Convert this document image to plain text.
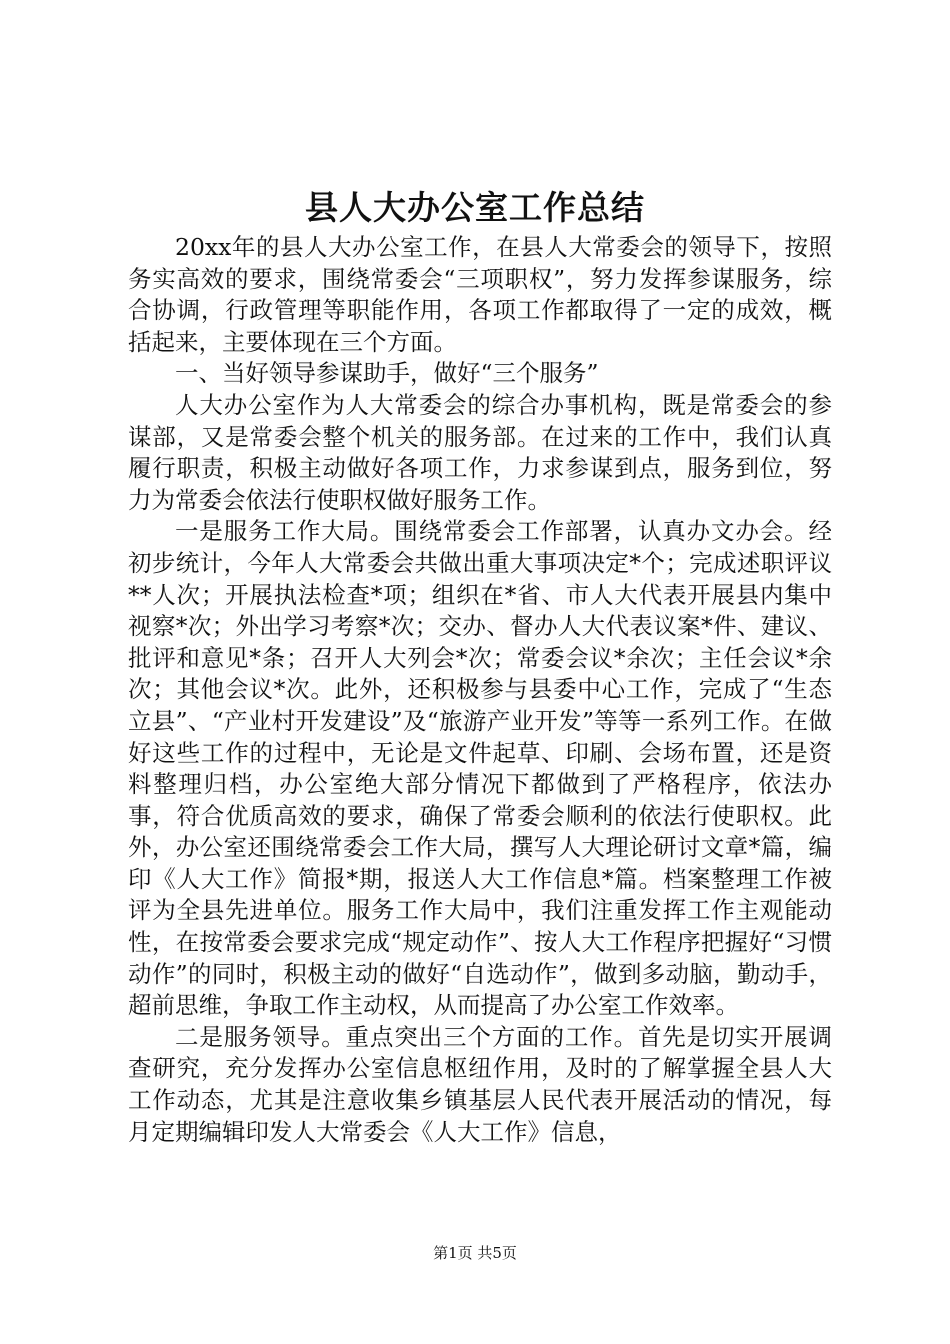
县人大办公室工作总结

20xx年的县人大办公室工作，在县人大常委会的领导下，按照务实高效的要求，围绕常委会“三项职权”，努力发挥参谋服务，综合协调，行政管理等职能作用，各项工作都取得了一定的成效，概括起来，主要体现在三个方面。

一、当好领导参谋助手，做好“三个服务”

人大办公室作为人大常委会的综合办事机构，既是常委会的参谋部，又是常委会整个机关的服务部。在过来的工作中，我们认真履行职责，积极主动做好各项工作，力求参谋到点，服务到位，努力为常委会依法行使职权做好服务工作。

一是服务工作大局。围绕常委会工作部署，认真办文办会。经初步统计，今年人大常委会共做出重大事项决定*个；完成述职评议**人次；开展执法检查*项；组织在*省、市人大代表开展县内集中视察*次；外出学习考察*次；交办、督办人大代表议案*件、建议、批评和意见*条；召开人大列会*次；常委会议*余次；主任会议*余次；其他会议*次。此外，还积极参与县委中心工作，完成了“生态立县”、“产业村开发建设”及“旅游产业开发”等等一系列工作。在做好这些工作的过程中，无论是文件起草、印刷、会场布置，还是资料整理归档，办公室绝大部分情况下都做到了严格程序，依法办事，符合优质高效的要求，确保了常委会顺利的依法行使职权。此外，办公室还围绕常委会工作大局，撰写人大理论研讨文章*篇，编印《人大工作》简报*期，报送人大工作信息*篇。档案整理工作被评为全县先进单位。服务工作大局中，我们注重发挥工作主观能动性，在按常委会要求完成“规定动作”、按人大工作程序把握好“习惯动作”的同时，积极主动的做好“自选动作”，做到多动脑，勤动手，超前思维，争取工作主动权，从而提高了办公室工作效率。

二是服务领导。重点突出三个方面的工作。首先是切实开展调查研究，充分发挥办公室信息枢纽作用，及时的了解掌握全县人大工作动态，尤其是注意收集乡镇基层人民代表开展活动的情况，每月定期编辑印发人大常委会《人大工作》信息，

第1页 共5页
